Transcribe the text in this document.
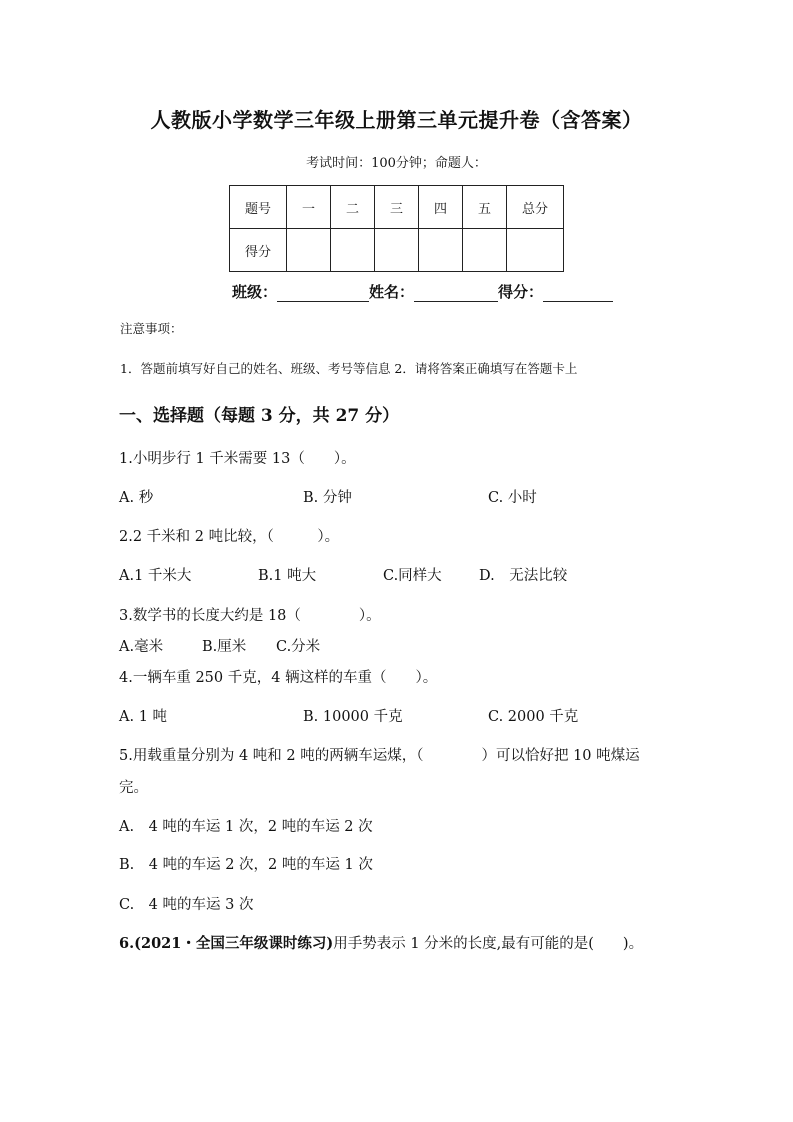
人教版小学数学三年级上册第三单元提升卷（含答案）
考试时间：100分钟；命题人：
题号	一	二	三	四	五	总分
得分						
班级：	姓名：	得分：
注意事项：
1．答题前填写好自己的姓名、班级、考号等信息 2．请将答案正确填写在答题卡上
一、选择题（每题 3 分，共 27 分）
1.小明步行 1 千米需要 13（　　）。
A. 秒	B. 分钟	C. 小时
2.2 千米和 2 吨比较，（　　　）。
A.1 千米大	B.1 吨大	C.同样大	D.　无法比较
3.数学书的长度大约是 18（　　　　）。
A.毫米	B.厘米 C.分米
4.一辆车重 250 千克，4 辆这样的车重（　　）。
A. 1 吨	B. 10000 千克	C. 2000 千克
5.用载重量分别为 4 吨和 2 吨的两辆车运煤，（　　　　）可以恰好把 10 吨煤运
完。
A.　4 吨的车运 1 次，2 吨的车运 2 次
B.　4 吨的车运 2 次，2 吨的车运 1 次
C.　4 吨的车运 3 次
6.(2021・全国三年级课时练习)用手势表示 1 分米的长度,最有可能的是(　　)。
